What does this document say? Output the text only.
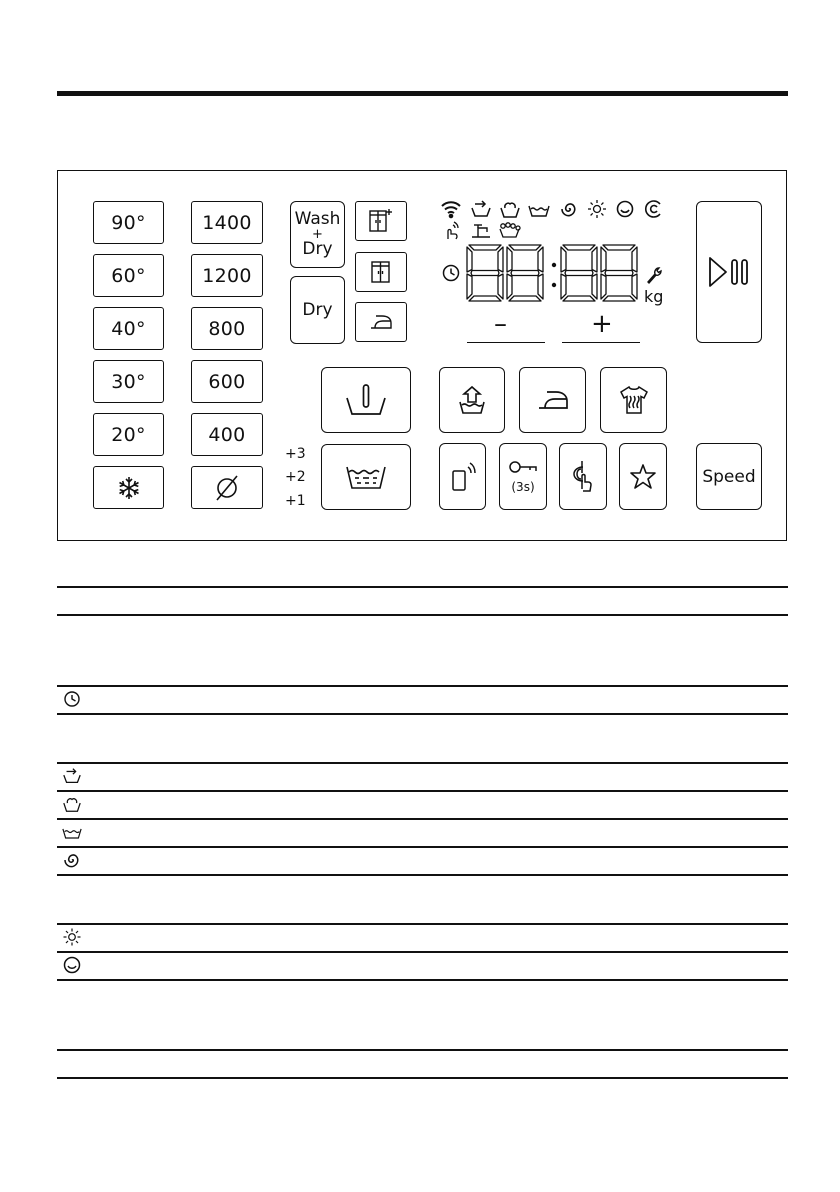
90°
60°
40°
30°
20°
1400
1200
800
600
400
Wash
+
Dry
Dry
88:88
kg
–	+
+3
+2
+1
(3s)	Speed
